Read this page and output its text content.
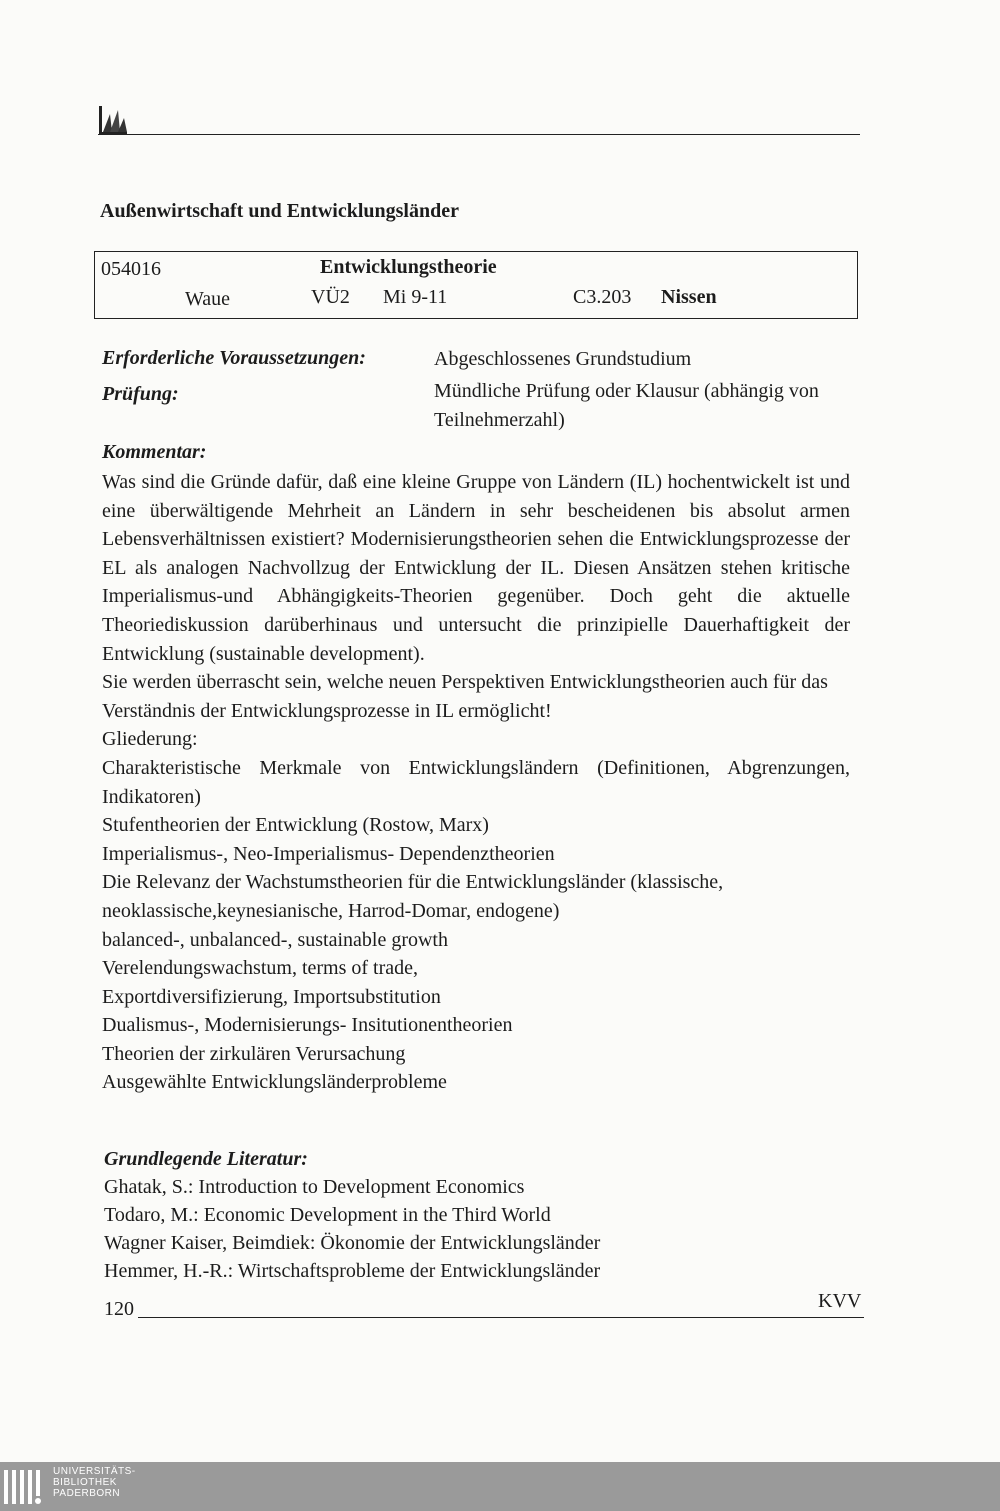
Außenwirtschaft und Entwicklungsländer
054016	Entwicklungstheorie
Waue	VÜ2 Mi 9-11	C3.203 Nissen
Erforderliche Voraussetzungen:	Abgeschlossenes Grundstudium
Prüfung:	Mündliche Prüfung oder Klausur (abhängig von Teilnehmerzahl)
Kommentar:

Was sind die Gründe dafür, daß eine kleine Gruppe von Ländern (IL) hochentwickelt ist und eine überwältigende Mehrheit an Ländern in sehr bescheidenen bis absolut armen Lebensverhältnissen existiert? Modernisierungstheorien sehen die Entwicklungsprozesse der EL als analogen Nachvollzug der Entwicklung der IL. Diesen Ansätzen stehen kritische Imperialismus-und Abhängigkeits-Theorien gegenüber. Doch geht die aktuelle Theoriediskussion darüberhinaus und untersucht die prinzipielle Dauerhaftigkeit der Entwicklung (sustainable development).

Sie werden überrascht sein, welche neuen Perspektiven Entwicklungstheorien auch für das Verständnis der Entwicklungsprozesse in IL ermöglicht!

Gliederung:

Charakteristische Merkmale von Entwicklungsländern (Definitionen, Abgrenzungen, Indikatoren)

Stufentheorien der Entwicklung (Rostow, Marx)

Imperialismus-, Neo-Imperialismus- Dependenztheorien

Die Relevanz der Wachstumstheorien für die Entwicklungsländer (klassische, neoklassische,keynesianische, Harrod-Domar, endogene)

balanced-, unbalanced-, sustainable growth

Verelendungswachstum, terms of trade,

Exportdiversifizierung, Importsubstitution

Dualismus-, Modernisierungs- Insitutionentheorien

Theorien der zirkulären Verursachung

Ausgewählte Entwicklungsländerprobleme

Grundlegende Literatur:
Ghatak, S.: Introduction to Development Economics
Todaro, M.: Economic Development in the Third World
Wagner Kaiser, Beimdiek: Ökonomie der Entwicklungsländer
Hemmer, H.-R.: Wirtschaftsprobleme der Entwicklungsländer
120	KVV
UNIVERSITÄTS-
BIBLIOTHEK
PADERBORN
